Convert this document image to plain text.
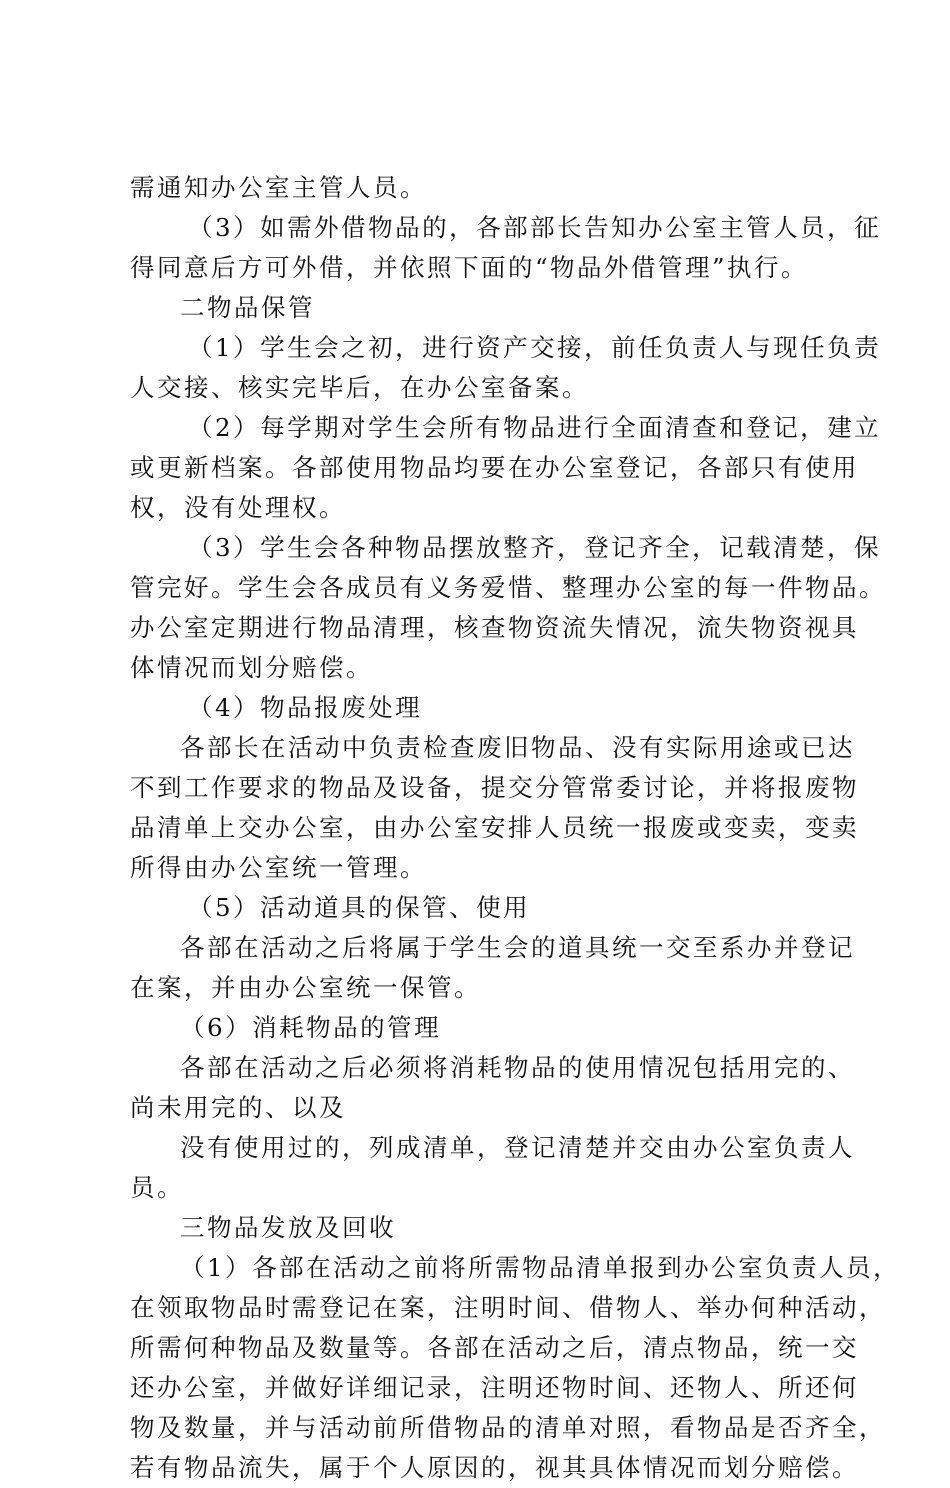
需通知办公室主管人员。
（3）如需外借物品的，各部部长告知办公室主管人员，征
得同意后方可外借，并依照下面的“物品外借管理”执行。
二物品保管
（1）学生会之初，进行资产交接，前任负责人与现任负责
人交接、核实完毕后，在办公室备案。
（2）每学期对学生会所有物品进行全面清查和登记，建立
或更新档案。各部使用物品均要在办公室登记，各部只有使用
权，没有处理权。
（3）学生会各种物品摆放整齐，登记齐全，记载清楚，保
管完好。学生会各成员有义务爱惜、整理办公室的每一件物品。
办公室定期进行物品清理，核查物资流失情况，流失物资视具
体情况而划分赔偿。
（4）物品报废处理
各部长在活动中负责检查废旧物品、没有实际用途或已达
不到工作要求的物品及设备，提交分管常委讨论，并将报废物
品清单上交办公室，由办公室安排人员统一报废或变卖，变卖
所得由办公室统一管理。
（5）活动道具的保管、使用
各部在活动之后将属于学生会的道具统一交至系办并登记
在案，并由办公室统一保管。
（6）消耗物品的管理
各部在活动之后必须将消耗物品的使用情况包括用完的、
尚未用完的、以及
没有使用过的，列成清单，登记清楚并交由办公室负责人
员。
三物品发放及回收
（1）各部在活动之前将所需物品清单报到办公室负责人员，
在领取物品时需登记在案，注明时间、借物人、举办何种活动，
所需何种物品及数量等。各部在活动之后，清点物品，统一交
还办公室，并做好详细记录，注明还物时间、还物人、所还何
物及数量，并与活动前所借物品的清单对照，看物品是否齐全，
若有物品流失，属于个人原因的，视其具体情况而划分赔偿。
